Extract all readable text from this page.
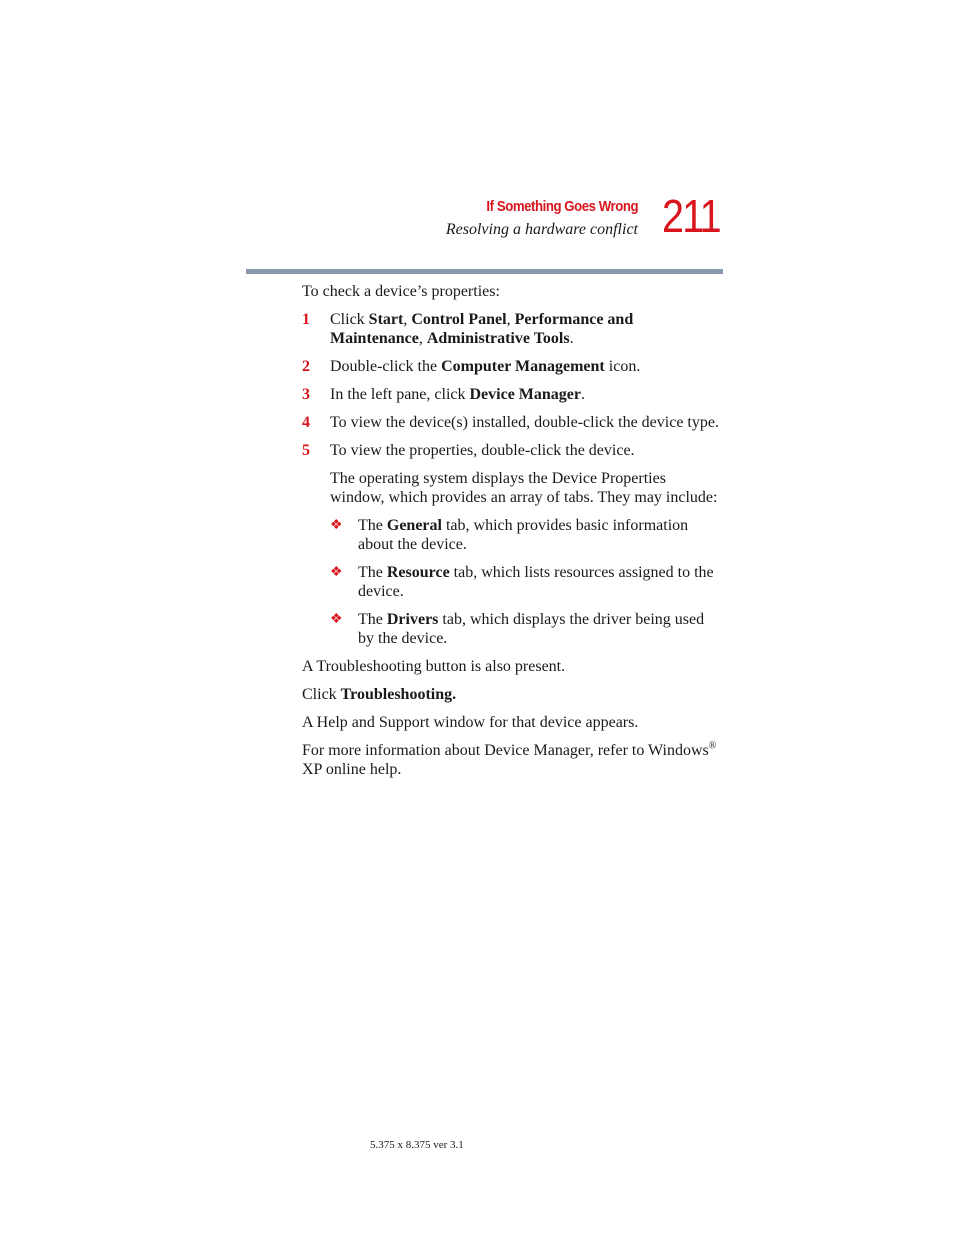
If Something Goes Wrong
Resolving a hardware conflict 211

To check a device’s properties:

1 Click Start, Control Panel, Performance and Maintenance, Administrative Tools.
2 Double-click the Computer Management icon.
3 In the left pane, click Device Manager.
4 To view the device(s) installed, double-click the device type.
5 To view the properties, double-click the device.

The operating system displays the Device Properties window, which provides an array of tabs. They may include:

❖ The General tab, which provides basic information about the device.
❖ The Resource tab, which lists resources assigned to the device.
❖ The Drivers tab, which displays the driver being used by the device.

A Troubleshooting button is also present.

Click Troubleshooting.

A Help and Support window for that device appears.

For more information about Device Manager, refer to Windows® XP online help.

5.375 x 8.375 ver 3.1
